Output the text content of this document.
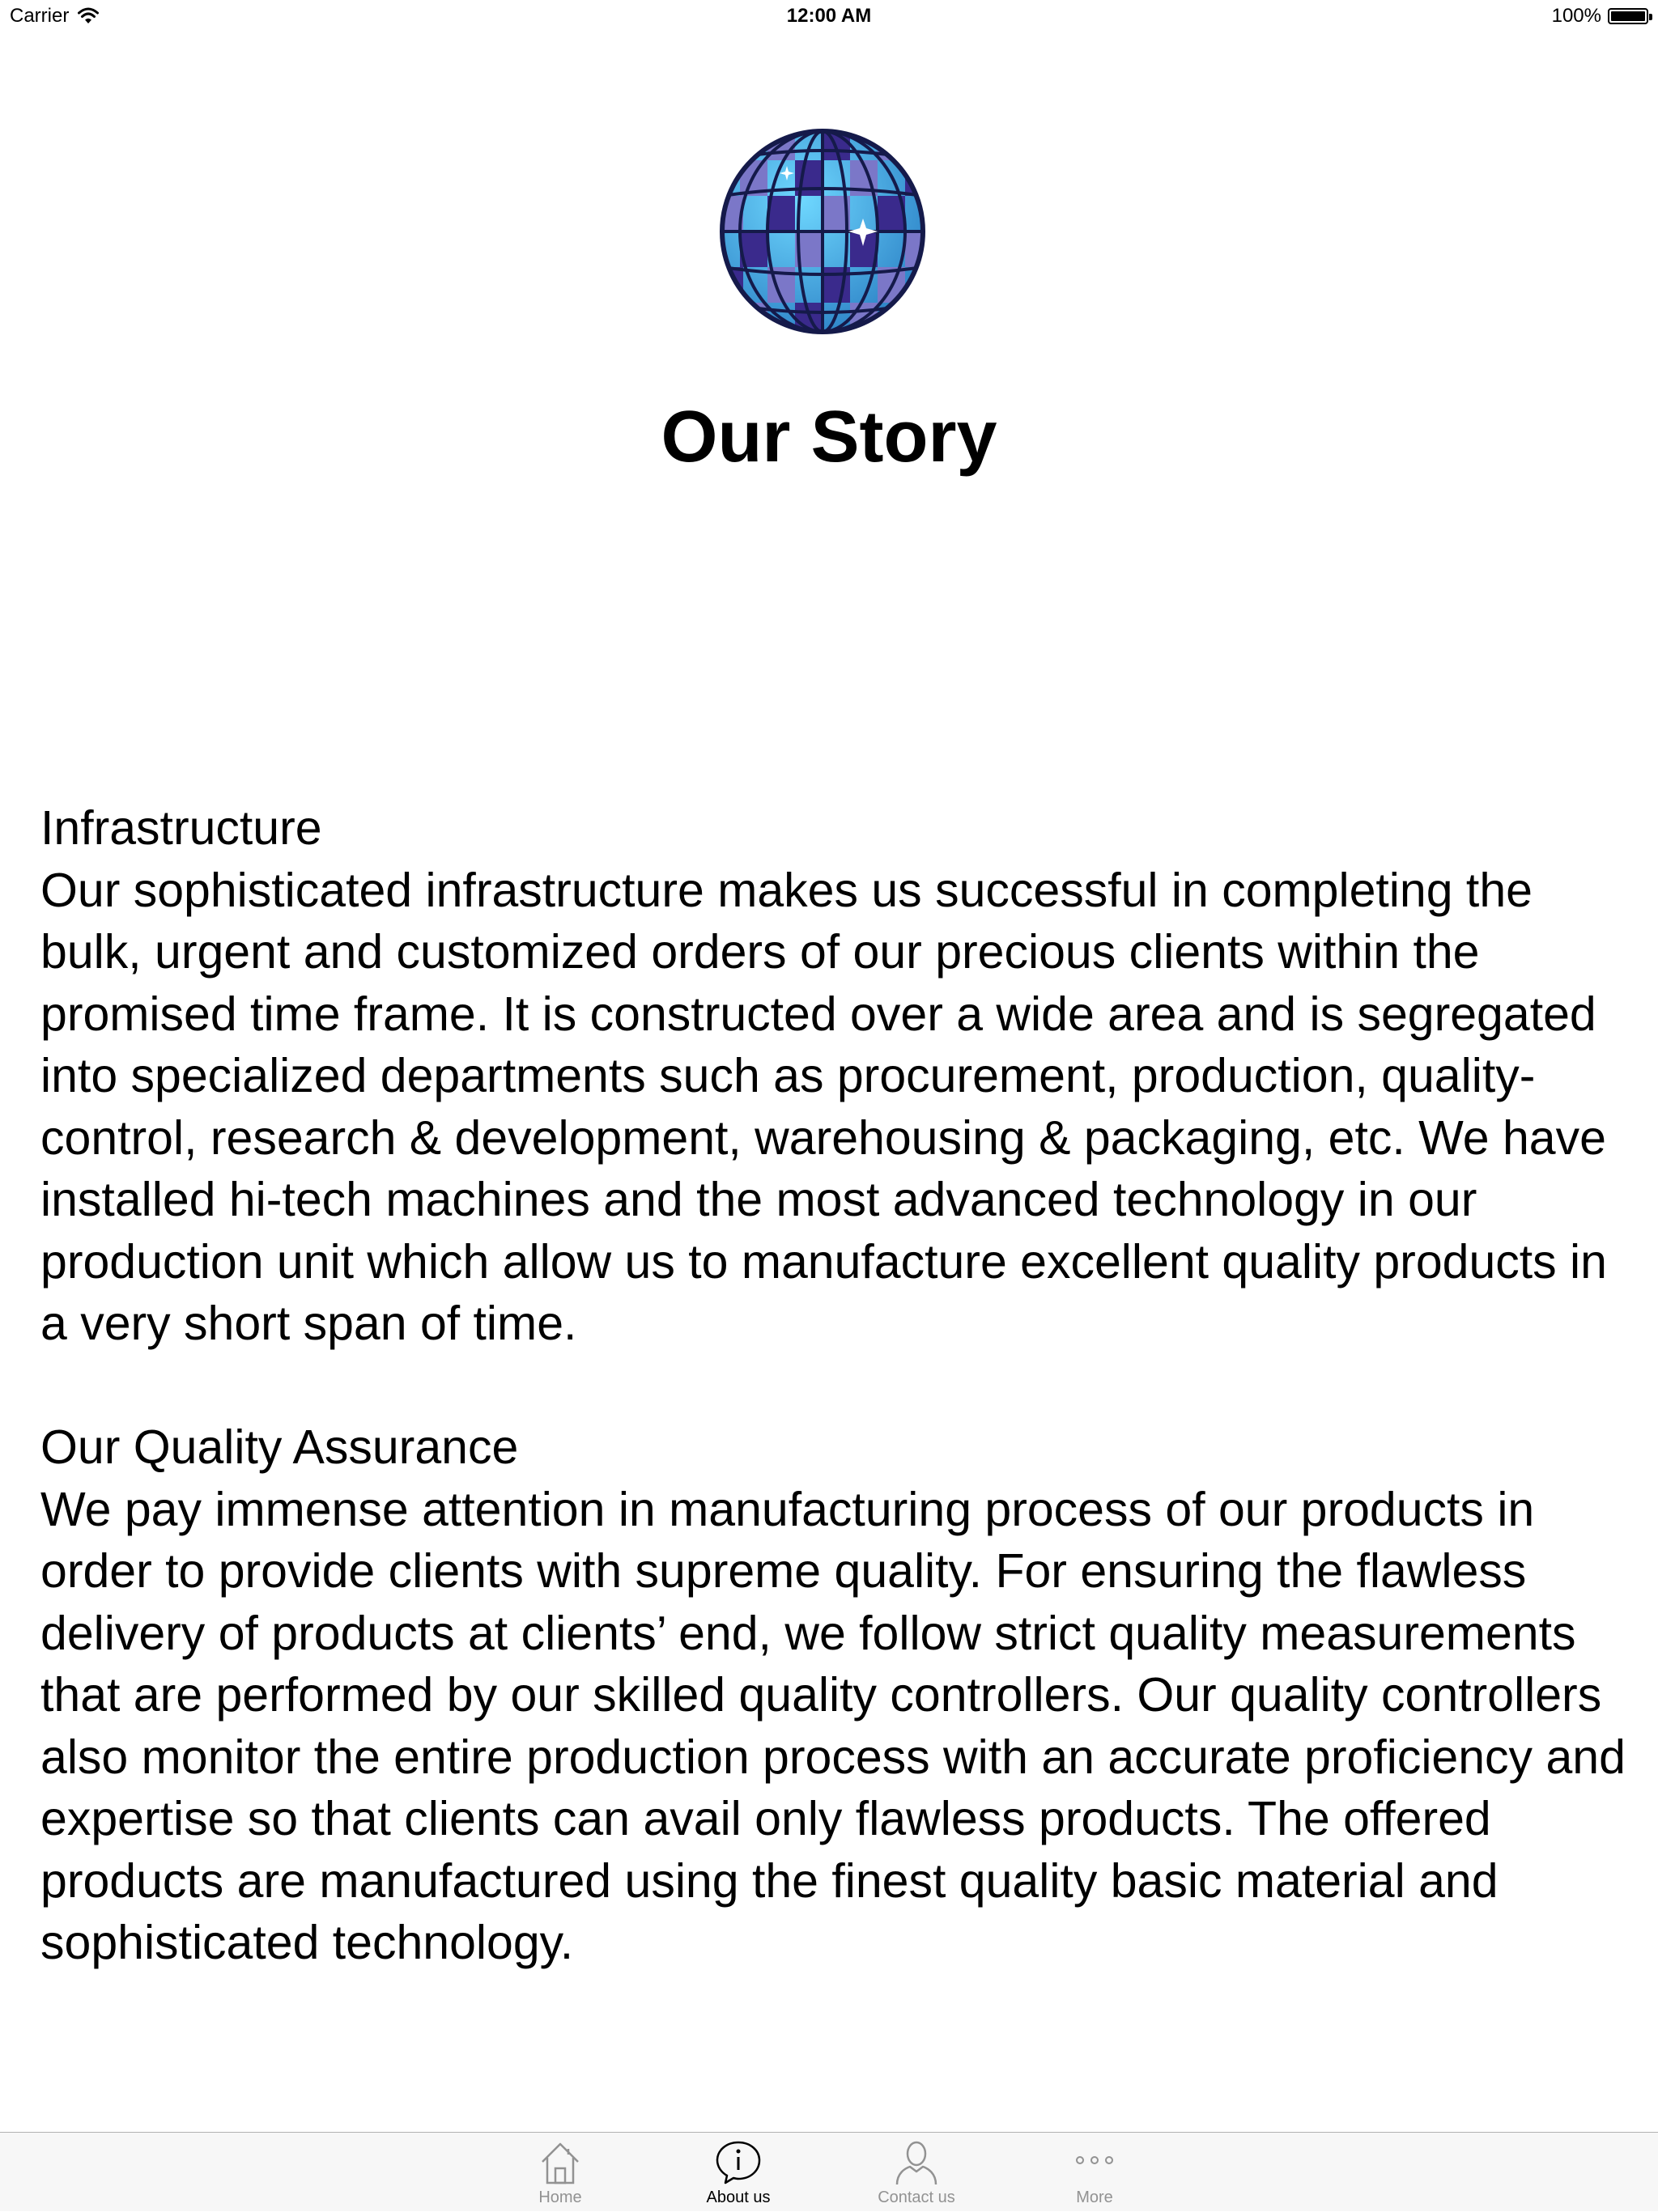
Carrier	12:00 AM	100%
Our Story

Infrastructure

Our sophisticated infrastructure makes us successful in completing the bulk, urgent and customized orders of our precious clients within the promised time frame. It is constructed over a wide area and is segregated into specialized departments such as procurement, production, quality-control, research & development, warehousing & packaging, etc. We have installed hi-tech machines and the most advanced technology in our production unit which allow us to manufacture excellent quality products in a very short span of time.

Our Quality Assurance

We pay immense attention in manufacturing process of our products in order to provide clients with supreme quality. For ensuring the flawless delivery of products at clients’ end, we follow strict quality measurements that are performed by our skilled quality controllers. Our quality controllers also monitor the entire production process with an accurate proficiency and expertise so that clients can avail only flawless products. The offered products are manufactured using the finest quality basic material and sophisticated technology.

Home	About us	Contact us	More
